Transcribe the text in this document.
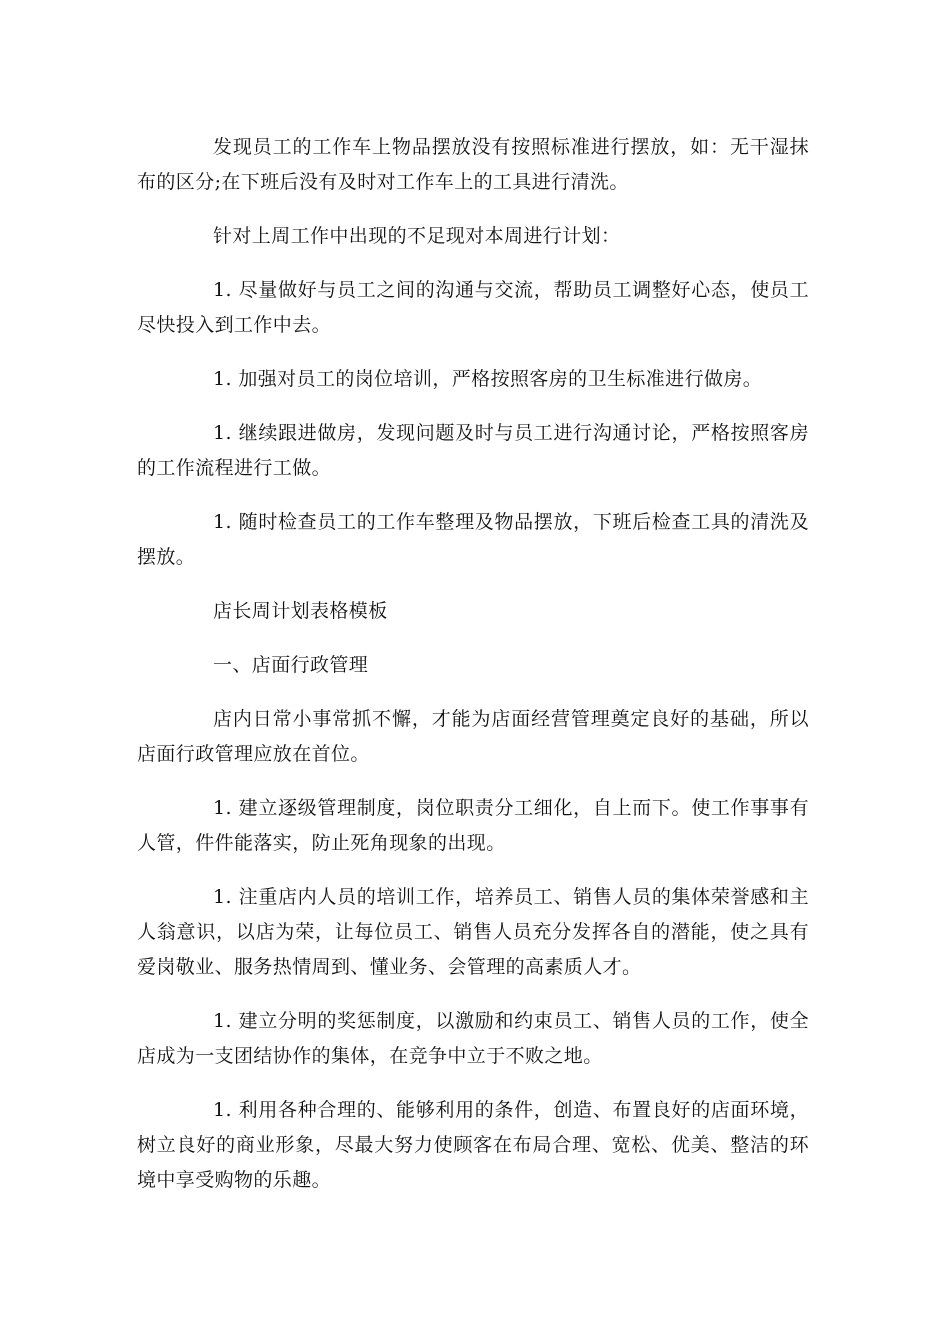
发现员工的工作车上物品摆放没有按照标准进行摆放，如：无干湿抹布的区分;在下班后没有及时对工作车上的工具进行清洗。

针对上周工作中出现的不足现对本周进行计划：

1. 尽量做好与员工之间的沟通与交流，帮助员工调整好心态，使员工尽快投入到工作中去。

1. 加强对员工的岗位培训，严格按照客房的卫生标准进行做房。

1. 继续跟进做房，发现问题及时与员工进行沟通讨论，严格按照客房的工作流程进行工做。

1. 随时检查员工的工作车整理及物品摆放，下班后检查工具的清洗及摆放。

店长周计划表格模板

一、店面行政管理

店内日常小事常抓不懈，才能为店面经营管理奠定良好的基础，所以店面行政管理应放在首位。

1. 建立逐级管理制度，岗位职责分工细化，自上而下。使工作事事有人管，件件能落实，防止死角现象的出现。

1. 注重店内人员的培训工作，培养员工、销售人员的集体荣誉感和主人翁意识，以店为荣，让每位员工、销售人员充分发挥各自的潜能，使之具有爱岗敬业、服务热情周到、懂业务、会管理的高素质人才。

1. 建立分明的奖惩制度，以激励和约束员工、销售人员的工作，使全店成为一支团结协作的集体，在竞争中立于不败之地。

1. 利用各种合理的、能够利用的条件，创造、布置良好的店面环境，树立良好的商业形象，尽最大努力使顾客在布局合理、宽松、优美、整洁的环境中享受购物的乐趣。
